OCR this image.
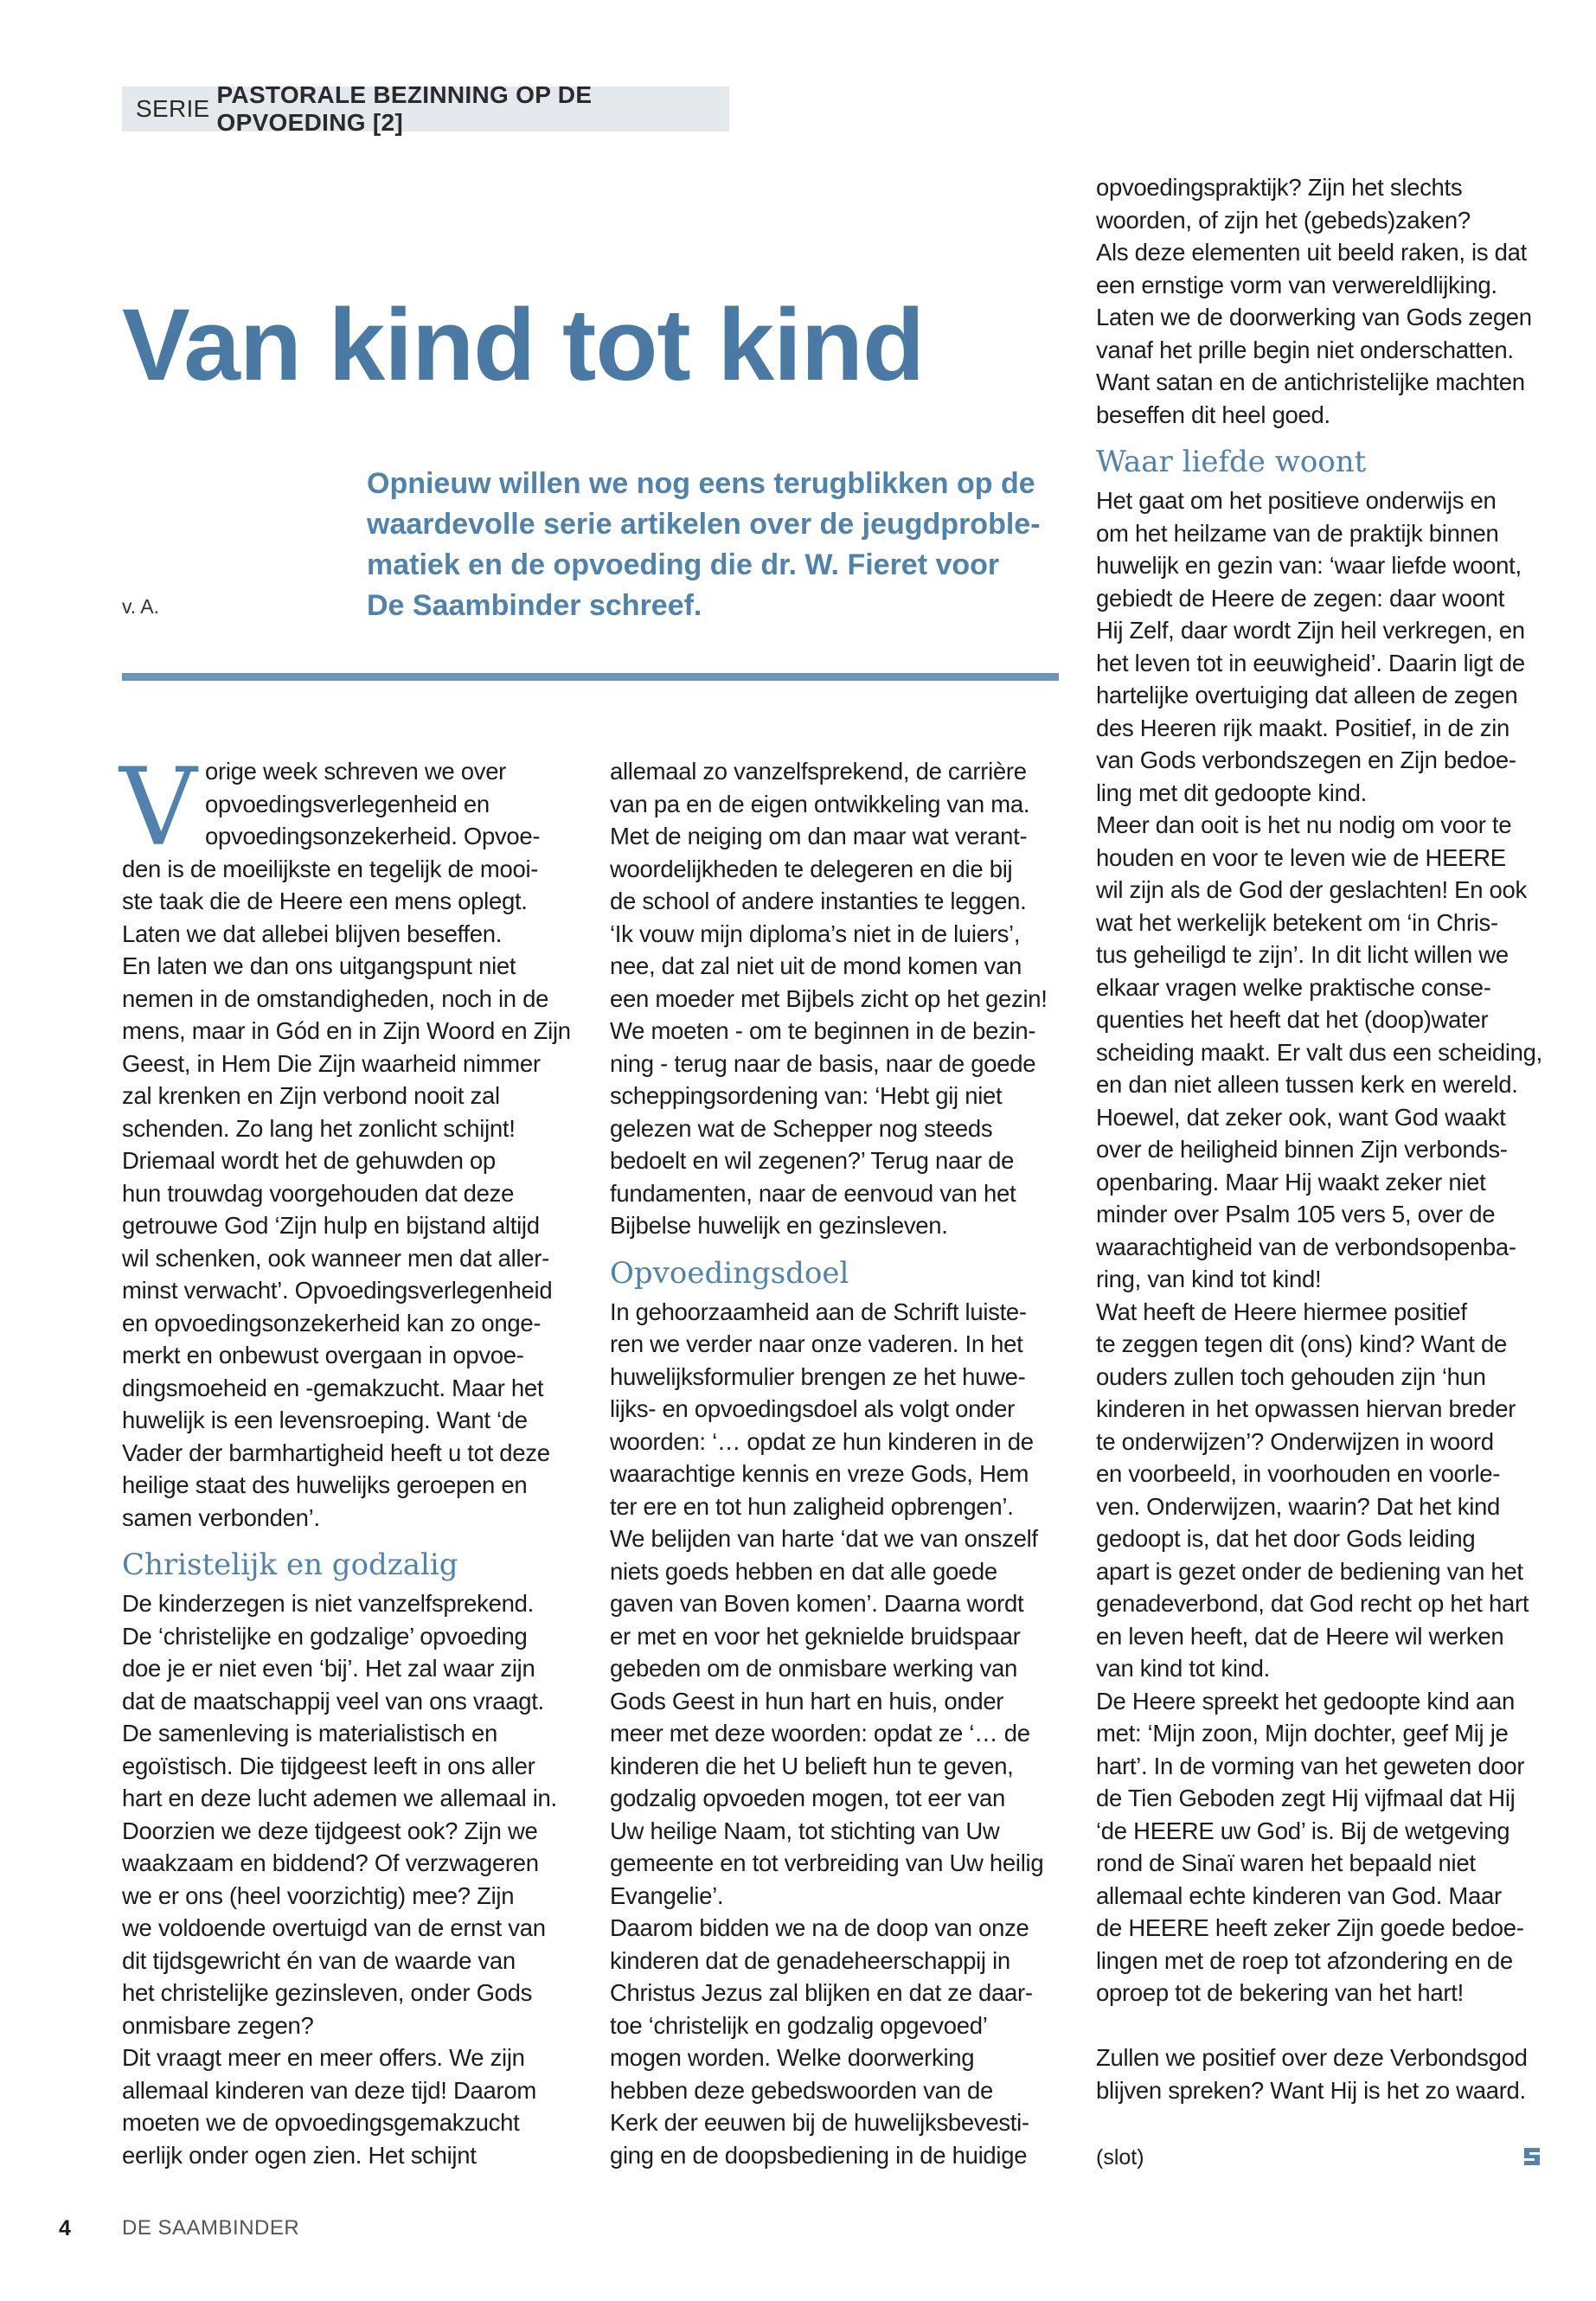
SERIE
PASTORALE BEZINNING OP DE OPVOEDING [2]
Van kind tot kind
Opnieuw willen we nog eens terugblikken op de
waardevolle serie artikelen over de jeugdproble-
matiek en de opvoeding die dr. W. Fieret voor
De Saambinder schreef.
v. A.
V orige week schreven we over
opvoedingsverlegenheid en
opvoedingsonzekerheid. Opvoe-
den is de moeilijkste en tegelijk de mooi-
ste taak die de Heere een mens oplegt.
Laten we dat allebei blijven beseffen.
En laten we dan ons uitgangspunt niet
nemen in de omstandigheden, noch in de
mens, maar in Gód en in Zijn Woord en Zijn
Geest, in Hem Die Zijn waarheid nimmer
zal krenken en Zijn verbond nooit zal
schenden. Zo lang het zonlicht schijnt!
Driemaal wordt het de gehuwden op
hun trouwdag voorgehouden dat deze
getrouwe God ‘Zijn hulp en bijstand altijd
wil schenken, ook wanneer men dat aller-
minst verwacht’. Opvoedingsverlegenheid
en opvoedingsonzekerheid kan zo onge-
merkt en onbewust overgaan in opvoe-
dingsmoeheid en -gemakzucht. Maar het
huwelijk is een levensroeping. Want ‘de
Vader der barmhartigheid heeft u tot deze
heilige staat des huwelijks geroepen en
samen verbonden’.
Christelijk en godzalig
De kinderzegen is niet vanzelfsprekend.
De ‘christelijke en godzalige’ opvoeding
doe je er niet even ‘bij’. Het zal waar zijn
dat de maatschappij veel van ons vraagt.
De samenleving is materialistisch en
egoïstisch. Die tijdgeest leeft in ons aller
hart en deze lucht ademen we allemaal in.
Doorzien we deze tijdgeest ook? Zijn we
waakzaam en biddend? Of verzwageren
we er ons (heel voorzichtig) mee? Zijn
we voldoende overtuigd van de ernst van
dit tijdsgewricht én van de waarde van
het christelijke gezinsleven, onder Gods
onmisbare zegen?
Dit vraagt meer en meer offers. We zijn
allemaal kinderen van deze tijd! Daarom
moeten we de opvoedingsgemakzucht
eerlijk onder ogen zien. Het schijnt
allemaal zo vanzelfsprekend, de carrière
van pa en de eigen ontwikkeling van ma.
Met de neiging om dan maar wat verant-
woordelijkheden te delegeren en die bij
de school of andere instanties te leggen.
‘Ik vouw mijn diploma’s niet in de luiers’,
nee, dat zal niet uit de mond komen van
een moeder met Bijbels zicht op het gezin!
We moeten - om te beginnen in de bezin-
ning - terug naar de basis, naar de goede
scheppingsordening van: ‘Hebt gij niet
gelezen wat de Schepper nog steeds
bedoelt en wil zegenen?’ Terug naar de
fundamenten, naar de eenvoud van het
Bijbelse huwelijk en gezinsleven.
Opvoedingsdoel
In gehoorzaamheid aan de Schrift luiste-
ren we verder naar onze vaderen. In het
huwelijksformulier brengen ze het huwe-
lijks- en opvoedingsdoel als volgt onder
woorden: ‘… opdat ze hun kinderen in de
waarachtige kennis en vreze Gods, Hem
ter ere en tot hun zaligheid opbrengen’.
We belijden van harte ‘dat we van onszelf
niets goeds hebben en dat alle goede
gaven van Boven komen’. Daarna wordt
er met en voor het geknielde bruidspaar
gebeden om de onmisbare werking van
Gods Geest in hun hart en huis, onder
meer met deze woorden: opdat ze ‘… de
kinderen die het U belieft hun te geven,
godzalig opvoeden mogen, tot eer van
Uw heilige Naam, tot stichting van Uw
gemeente en tot verbreiding van Uw heilig
Evangelie’.
Daarom bidden we na de doop van onze
kinderen dat de genadeheerschappij in
Christus Jezus zal blijken en dat ze daar-
toe ‘christelijk en godzalig opgevoed’
mogen worden. Welke doorwerking
hebben deze gebedswoorden van de
Kerk der eeuwen bij de huwelijksbevesti-
ging en de doopsbediening in de huidige
opvoedingspraktijk? Zijn het slechts
woorden, of zijn het (gebeds)zaken?
Als deze elementen uit beeld raken, is dat
een ernstige vorm van verwereldlijking.
Laten we de doorwerking van Gods zegen
vanaf het prille begin niet onderschatten.
Want satan en de antichristelijke machten
beseffen dit heel goed.
Waar liefde woont
Het gaat om het positieve onderwijs en
om het heilzame van de praktijk binnen
huwelijk en gezin van: ‘waar liefde woont,
gebiedt de Heere de zegen: daar woont
Hij Zelf, daar wordt Zijn heil verkregen, en
het leven tot in eeuwigheid’. Daarin ligt de
hartelijke overtuiging dat alleen de zegen
des Heeren rijk maakt. Positief, in de zin
van Gods verbondszegen en Zijn bedoe-
ling met dit gedoopte kind.
Meer dan ooit is het nu nodig om voor te
houden en voor te leven wie de HEERE
wil zijn als de God der geslachten! En ook
wat het werkelijk betekent om ‘in Chris-
tus geheiligd te zijn’. In dit licht willen we
elkaar vragen welke praktische conse-
quenties het heeft dat het (doop)water
scheiding maakt. Er valt dus een scheiding,
en dan niet alleen tussen kerk en wereld.
Hoewel, dat zeker ook, want God waakt
over de heiligheid binnen Zijn verbonds-
openbaring. Maar Hij waakt zeker niet
minder over Psalm 105 vers 5, over de
waarachtigheid van de verbondsopenba-
ring, van kind tot kind!
Wat heeft de Heere hiermee positief
te zeggen tegen dit (ons) kind? Want de
ouders zullen toch gehouden zijn ‘hun
kinderen in het opwassen hiervan breder
te onderwijzen’? Onderwijzen in woord
en voorbeeld, in voorhouden en voorle-
ven. Onderwijzen, waarin? Dat het kind
gedoopt is, dat het door Gods leiding
apart is gezet onder de bediening van het
genadeverbond, dat God recht op het hart
en leven heeft, dat de Heere wil werken
van kind tot kind.
De Heere spreekt het gedoopte kind aan
met: ‘Mijn zoon, Mijn dochter, geef Mij je
hart’. In de vorming van het geweten door
de Tien Geboden zegt Hij vijfmaal dat Hij
‘de HEERE uw God’ is. Bij de wetgeving
rond de Sinaï waren het bepaald niet
allemaal echte kinderen van God. Maar
de HEERE heeft zeker Zijn goede bedoe-
lingen met de roep tot afzondering en de
oproep tot de bekering van het hart!
Zullen we positief over deze Verbondsgod
blijven spreken? Want Hij is het zo waard.
(slot)
4 DE SAAMBINDER
